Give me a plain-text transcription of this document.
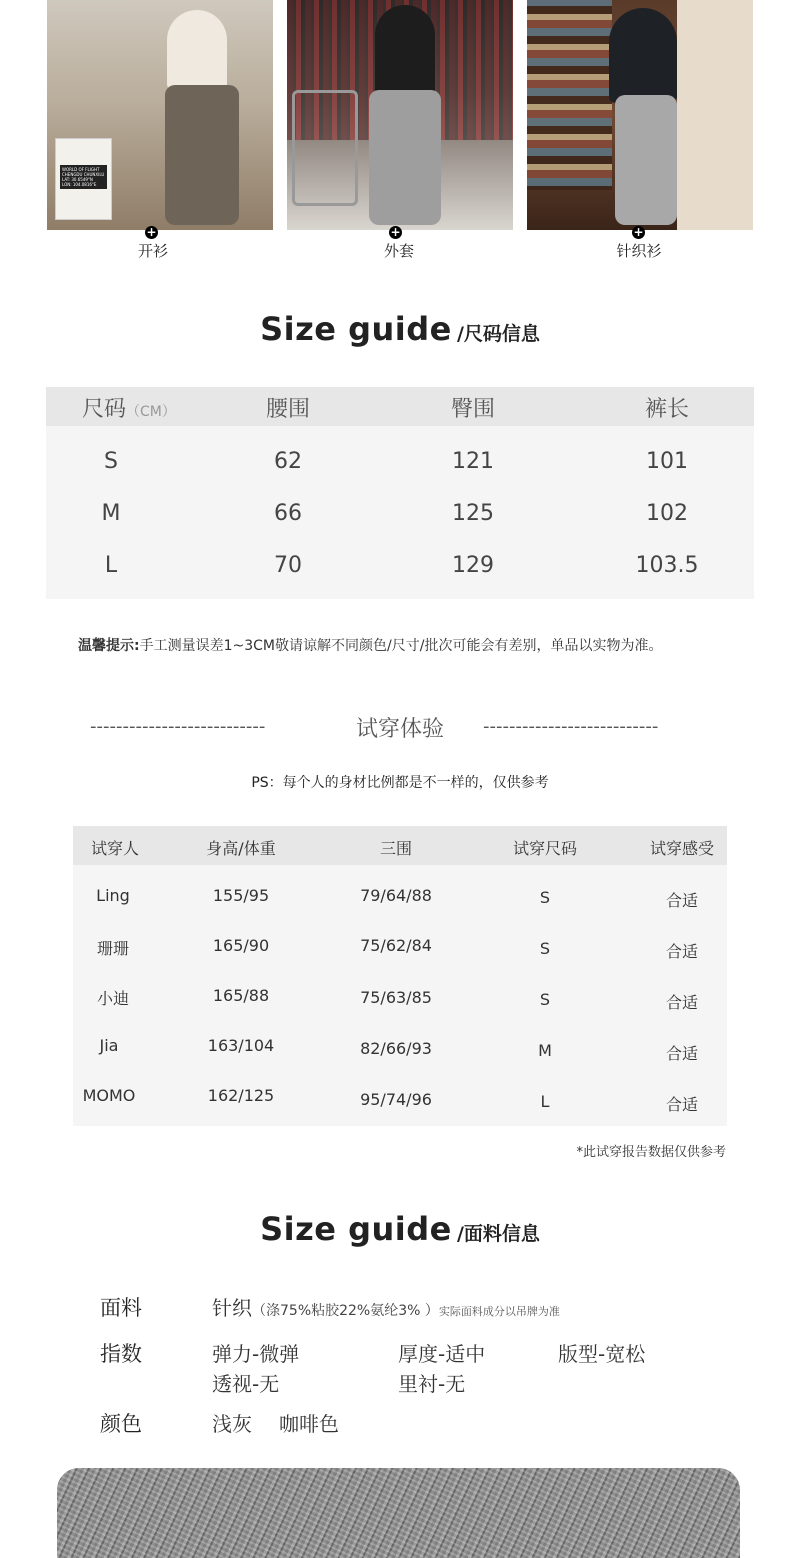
WORLD OF FLIGHT
CHENGDU CHUNXILU
LAT: 30.6549°N
LON: 104.0816°E
+	+	+
开衫	外套	针织衫
Size guide /尺码信息
尺码（CM）	腰围	臀围	裤长
S	62	121	101
M	66	125	102
L	70	129	103.5
温馨提示:手工测量误差1~3CM敬请谅解不同颜色/尺寸/批次可能会有差别，单品以实物为准。
---------------------------	试穿体验	---------------------------
PS：每个人的身材比例都是不一样的，仅供参考
试穿人	身高/体重	三围	试穿尺码	试穿感受
Ling	155/95	79/64/88	S	合适
珊珊	165/90	75/62/84	S	合适
小迪	165/88	75/63/85	S	合适
Jia	163/104	82/66/93	M	合适
MOMO	162/125	95/74/96	L	合适
*此试穿报告数据仅供参考
Size guide /面料信息
面料	针织（涤75%粘胶22%氨纶3% ）实际面料成分以吊牌为准
指数	弹力-微弹	厚度-适中	版型-宽松
透视-无	里衬-无
颜色	浅灰 咖啡色
